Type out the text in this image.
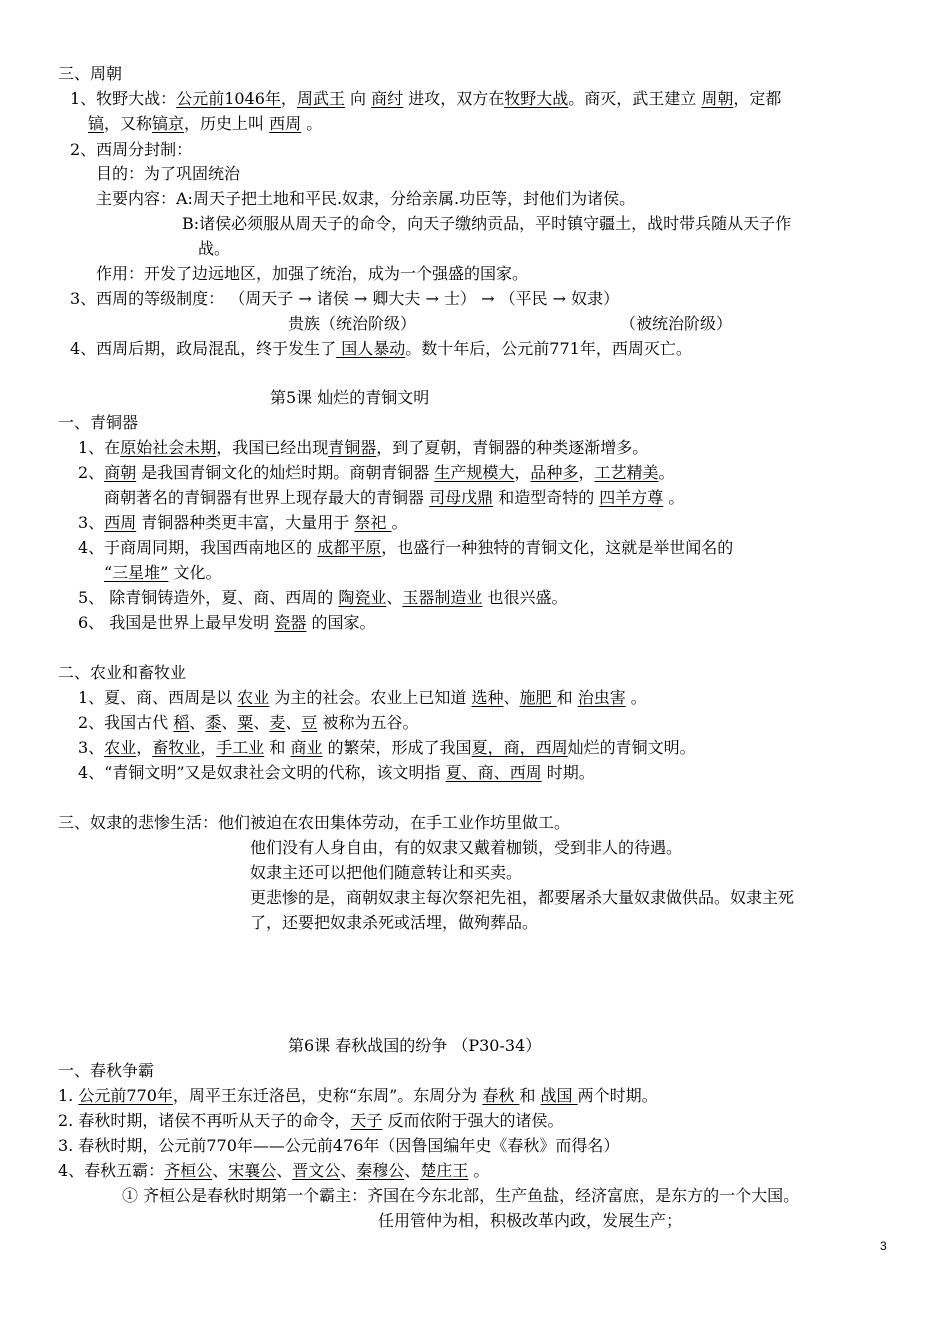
三、周朝
1、牧野大战：公元前1046年，周武王 向 商纣 进攻，双方在牧野大战。商灭，武王建立 周朝，定都
镐，又称镐京，历史上叫 西周 。
2、西周分封制：
目的：为了巩固统治
主要内容：A:周天子把土地和平民.奴隶，分给亲属.功臣等，封他们为诸侯。
B:诸侯必须服从周天子的命令，向天子缴纳贡品，平时镇守疆土，战时带兵随从天子作
战。
作用：开发了边远地区，加强了统治，成为一个强盛的国家。
3、西周的等级制度： （周天子 → 诸侯 → 卿大夫 → 士） → （平民 → 奴隶）
贵族（统治阶级）	（被统治阶级）
4、西周后期，政局混乱，终于发生了 国人暴动。数十年后，公元前771年，西周灭亡。
第5课 灿烂的青铜文明
一、青铜器
1、在原始社会未期，我国已经出现青铜器，到了夏朝，青铜器的种类逐渐增多。
2、商朝 是我国青铜文化的灿烂时期。商朝青铜器 生产规模大，品种多，工艺精美。
商朝著名的青铜器有世界上现存最大的青铜器 司母戊鼎 和造型奇特的 四羊方尊 。
3、西周 青铜器种类更丰富，大量用于 祭祀 。
4、于商周同期，我国西南地区的 成都平原，也盛行一种独特的青铜文化，这就是举世闻名的
“三星堆” 文化。
5、 除青铜铸造外，夏、商、西周的 陶瓷业、玉器制造业 也很兴盛。
6、 我国是世界上最早发明 瓷器 的国家。
二、农业和畜牧业
1、夏、商、西周是以 农业 为主的社会。农业上已知道 选种、施肥 和 治虫害 。
2、我国古代 稻、黍、粟、麦、豆 被称为五谷。
3、农业，畜牧业，手工业 和 商业 的繁荣，形成了我国夏，商，西周灿烂的青铜文明。
4、“青铜文明”又是奴隶社会文明的代称，该文明指 夏、商、西周 时期。
三、奴隶的悲惨生活：他们被迫在农田集体劳动，在手工业作坊里做工。
他们没有人身自由，有的奴隶又戴着枷锁，受到非人的待遇。
奴隶主还可以把他们随意转让和买卖。
更悲惨的是，商朝奴隶主每次祭祀先祖，都要屠杀大量奴隶做供品。奴隶主死
了，还要把奴隶杀死或活埋，做殉葬品。
第6课 春秋战国的纷争 （P30-34）
一、春秋争霸
1. 公元前770年，周平王东迁洛邑，史称“东周”。东周分为 春秋 和 战国 两个时期。
2. 春秋时期，诸侯不再听从天子的命令，天子 反而依附于强大的诸侯。
3. 春秋时期，公元前770年——公元前476年（因鲁国编年史《春秋》而得名）
4、春秋五霸：齐桓公、宋襄公、晋文公、秦穆公、楚庄王 。
① 齐桓公是春秋时期第一个霸主：齐国在今东北部，生产鱼盐，经济富庶，是东方的一个大国。
任用管仲为相，积极改革内政，发展生产；
3
